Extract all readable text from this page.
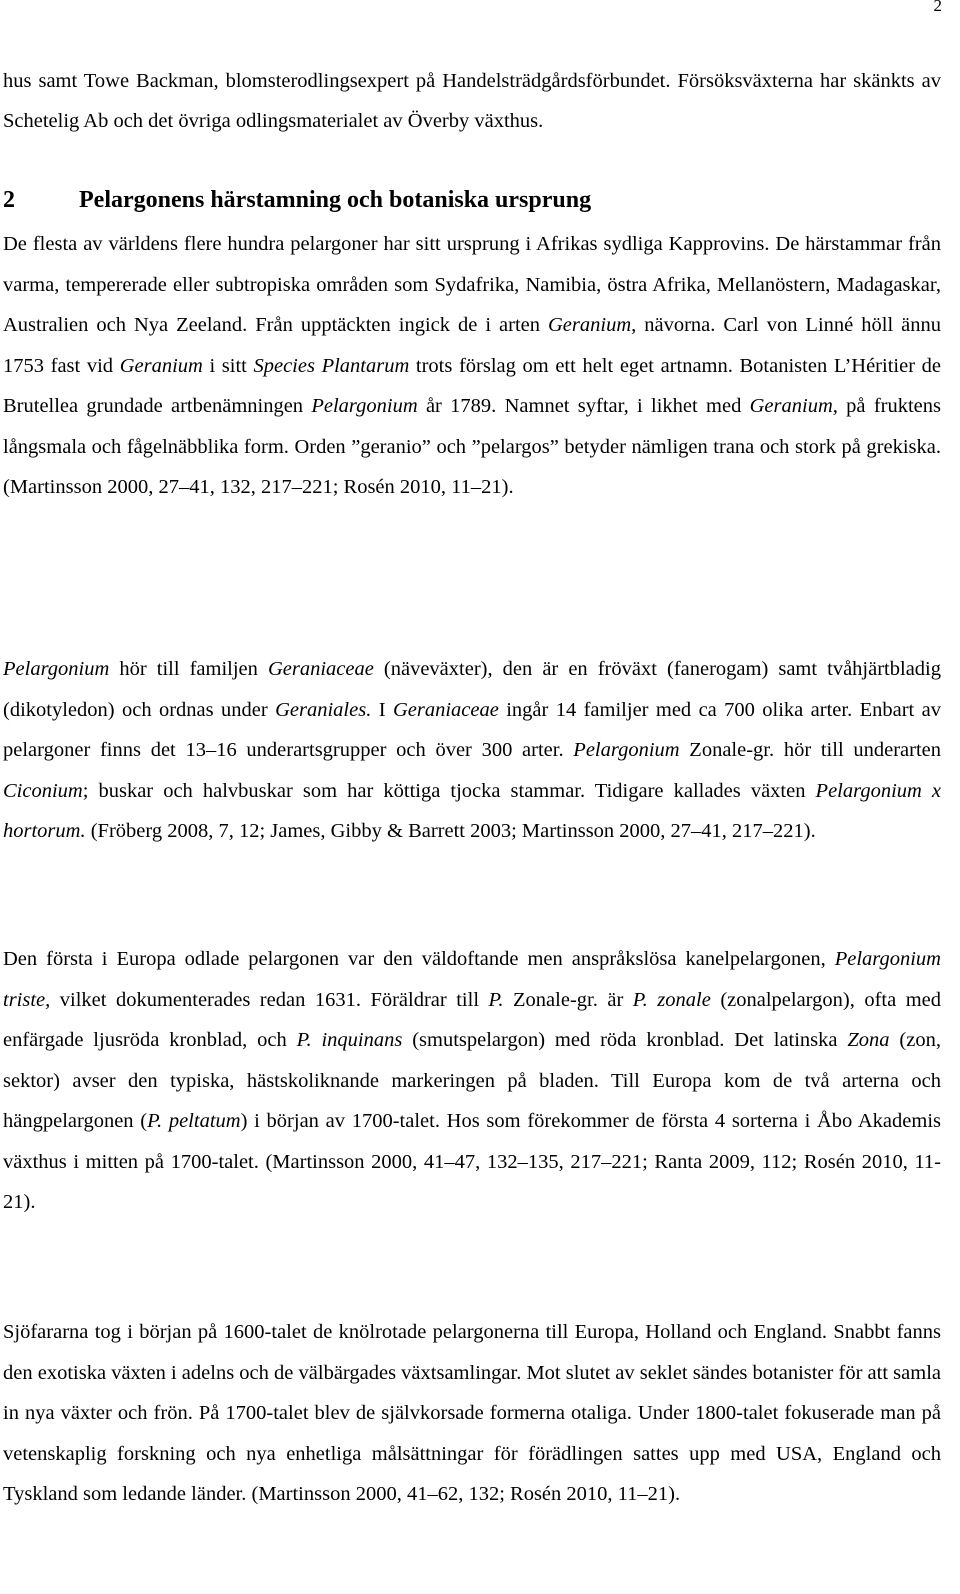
2

hus samt Towe Backman, blomsterodlingsexpert på Handelsträdgårdsförbundet. Försöksväxterna har skänkts av Schetelig Ab och det övriga odlingsmaterialet av Överby växthus.

2	Pelargonens härstamning och botaniska ursprung

De flesta av världens flere hundra pelargoner har sitt ursprung i Afrikas sydliga Kapprovins. De härstammar från varma, tempererade eller subtropiska områden som Sydafrika, Namibia, östra Afrika, Mellanöstern, Madagaskar, Australien och Nya Zeeland. Från upptäckten ingick de i arten Geranium, nävorna. Carl von Linné höll ännu 1753 fast vid Geranium i sitt Species Plantarum trots förslag om ett helt eget artnamn. Botanisten L’Héritier de Brutellea grundade artbenämningen Pelargonium år 1789. Namnet syftar, i likhet med Geranium, på fruktens långsmala och fågelnäbblika form. Orden ”geranio” och ”pelargos” betyder nämligen trana och stork på grekiska. (Martinsson 2000, 27–41, 132, 217–221; Rosén 2010, 11–21).

Pelargonium hör till familjen Geraniaceae (näveväxter), den är en fröväxt (fanerogam) samt tvåhjärtbladig (dikotyledon) och ordnas under Geraniales. I Geraniaceae ingår 14 familjer med ca 700 olika arter. Enbart av pelargoner finns det 13–16 underartsgrupper och över 300 arter. Pelargonium Zonale-gr. hör till underarten Ciconium; buskar och halvbuskar som har köttiga tjocka stammar. Tidigare kallades växten Pelargonium x hortorum. (Fröberg 2008, 7, 12; James, Gibby & Barrett 2003; Martinsson 2000, 27–41, 217–221).

Den första i Europa odlade pelargonen var den väldoftande men anspråkslösa kanelpelargonen, Pelargonium triste, vilket dokumenterades redan 1631. Föräldrar till P. Zonale-gr. är P. zonale (zonalpelargon), ofta med enfärgade ljusröda kronblad, och P. inquinans (smutspelargon) med röda kronblad. Det latinska Zona (zon, sektor) avser den typiska, hästskoliknande markeringen på bladen. Till Europa kom de två arterna och hängpelargonen (P. peltatum) i början av 1700-talet. Hos som förekommer de första 4 sorterna i Åbo Akademis växthus i mitten på 1700-talet. (Martinsson 2000, 41–47, 132–135, 217–221; Ranta 2009, 112; Rosén 2010, 11-21).

Sjöfararna tog i början på 1600-talet de knölrotade pelargonerna till Europa, Holland och England. Snabbt fanns den exotiska växten i adelns och de välbärgades växtsamlingar. Mot slutet av seklet sändes botanister för att samla in nya växter och frön. På 1700-talet blev de självkorsade formerna otaliga. Under 1800-talet fokuserade man på vetenskaplig forskning och nya enhetliga målsättningar för förädlingen sattes upp med USA, England och Tyskland som ledande länder. (Martinsson 2000, 41–62, 132; Rosén 2010, 11–21).
